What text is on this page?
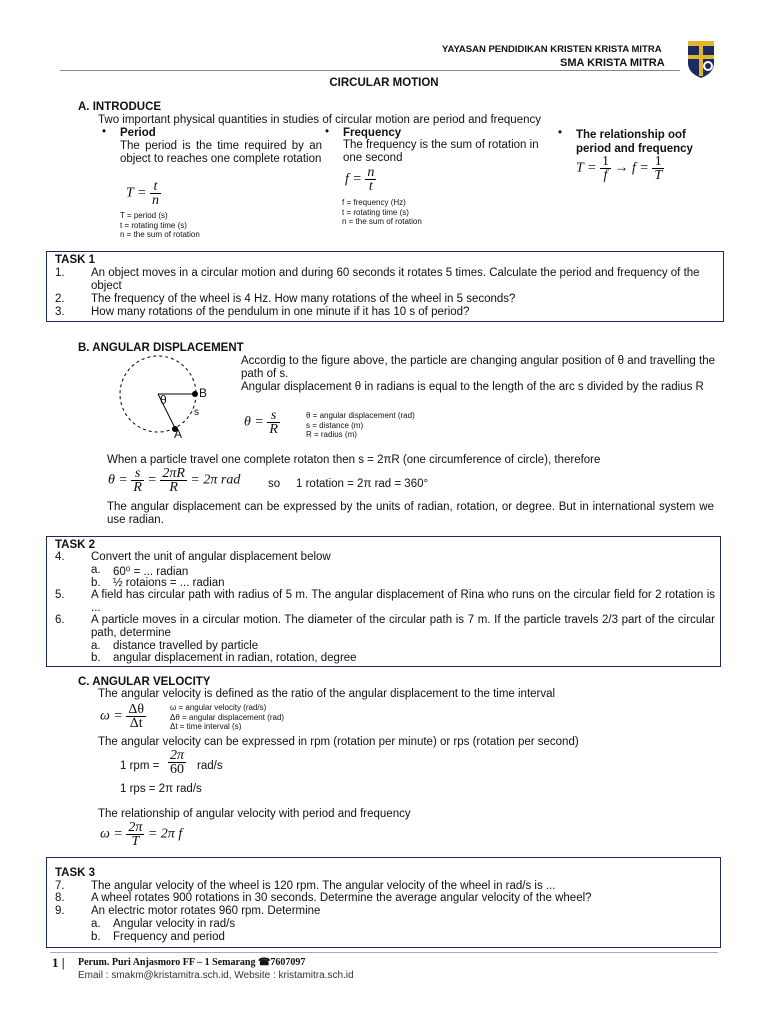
YAYASAN PENDIDIKAN KRISTEN KRISTA MITRA
SMA KRISTA MITRA
CIRCULAR MOTION
A. INTRODUCE
Two important physical quantities in studies of circular motion are period and frequency
• Period
The period is the time required by an object to reaches one complete rotation
$T = \frac{t}{n}$
T = period (s)
t = rotating time (s)
n = the sum of rotation
• Frequency
The frequency is the sum of rotation in one second
$f = \frac{n}{t}$
f = frequency (Hz)
t = rotating time (s)
n = the sum of rotation
• The relationship oof period and frequency
$T = \frac{1}{f} \to f = \frac{1}{T}$
TASK 1
1. An object moves in a circular motion and during 60 seconds it rotates 5 times. Calculate the period and frequency of the object
2. The frequency of the wheel is 4 Hz. How many rotations of the wheel in 5 seconds?
3. How many rotations of the pendulum in one minute if it has 10 s of period?
B. ANGULAR DISPLACEMENT
B
A
θ
s
Accordig to the figure above, the particle are changing angular position of θ and travelling the path of s.
Angular displacement θ in radians is equal to the length of the arc s divided by the radius R
$\theta = \frac{s}{R}$	θ = angular displacement (rad)
s = distance (m)
R = radius (m)
When a particle travel one complete rotaton then s = 2πR (one circumference of circle), therefore
$\theta = \frac{s}{R} = \frac{2\pi R}{R} = 2\pi$ rad so 1 rotation = 2π rad = 360°
The angular displacement can be expressed by the units of radian, rotation, or degree. But in international system we use radian.
TASK 2
4. Convert the unit of angular displacement below
a. 60⁰ = ... radian
b. ½ rotaions = ... radian
5. A field has circular path with radius of 5 m. The angular displacement of Rina who runs on the circular field for 2 rotation is ...
6. A particle moves in a circular motion. The diameter of the circular path is 7 m. If the particle travels 2/3 part of the circular path, determine
a. distance travelled by particle
b. angular displacement in radian, rotation, degree
C. ANGULAR VELOCITY
The angular velocity is defined as the ratio of the angular displacement to the time interval
$\omega = \frac{\Delta\theta}{\Delta t}$	ω = angular velocity (rad/s)
Δθ = angular displacement (rad)
Δt = time interval (s)
The angular velocity can be expressed in rpm (rotation per minute) or rps (rotation per second)
1 rpm = $\frac{2\pi}{60} rad/s$
1 rps = 2π rad/s
The relationship of angular velocity with period and frequency
$\omega = \frac{2\pi}{T} = 2\pi$ f
TASK 3
7. The angular velocity of the wheel is 120 rpm. The angular velocity of the wheel in rad/s is ...
8. A wheel rotates 900 rotations in 30 seconds. Determine the average angular velocity of the wheel?
9. An electric motor rotates 960 rpm. Determine
a. Angular velocity in rad/s
b. Frequency and period
1 | Perum. Puri Anjasmoro FF – 1 Semarang ☎7607097
Email : smakm@kristamitra.sch.id, Website : kristamitra.sch.id
